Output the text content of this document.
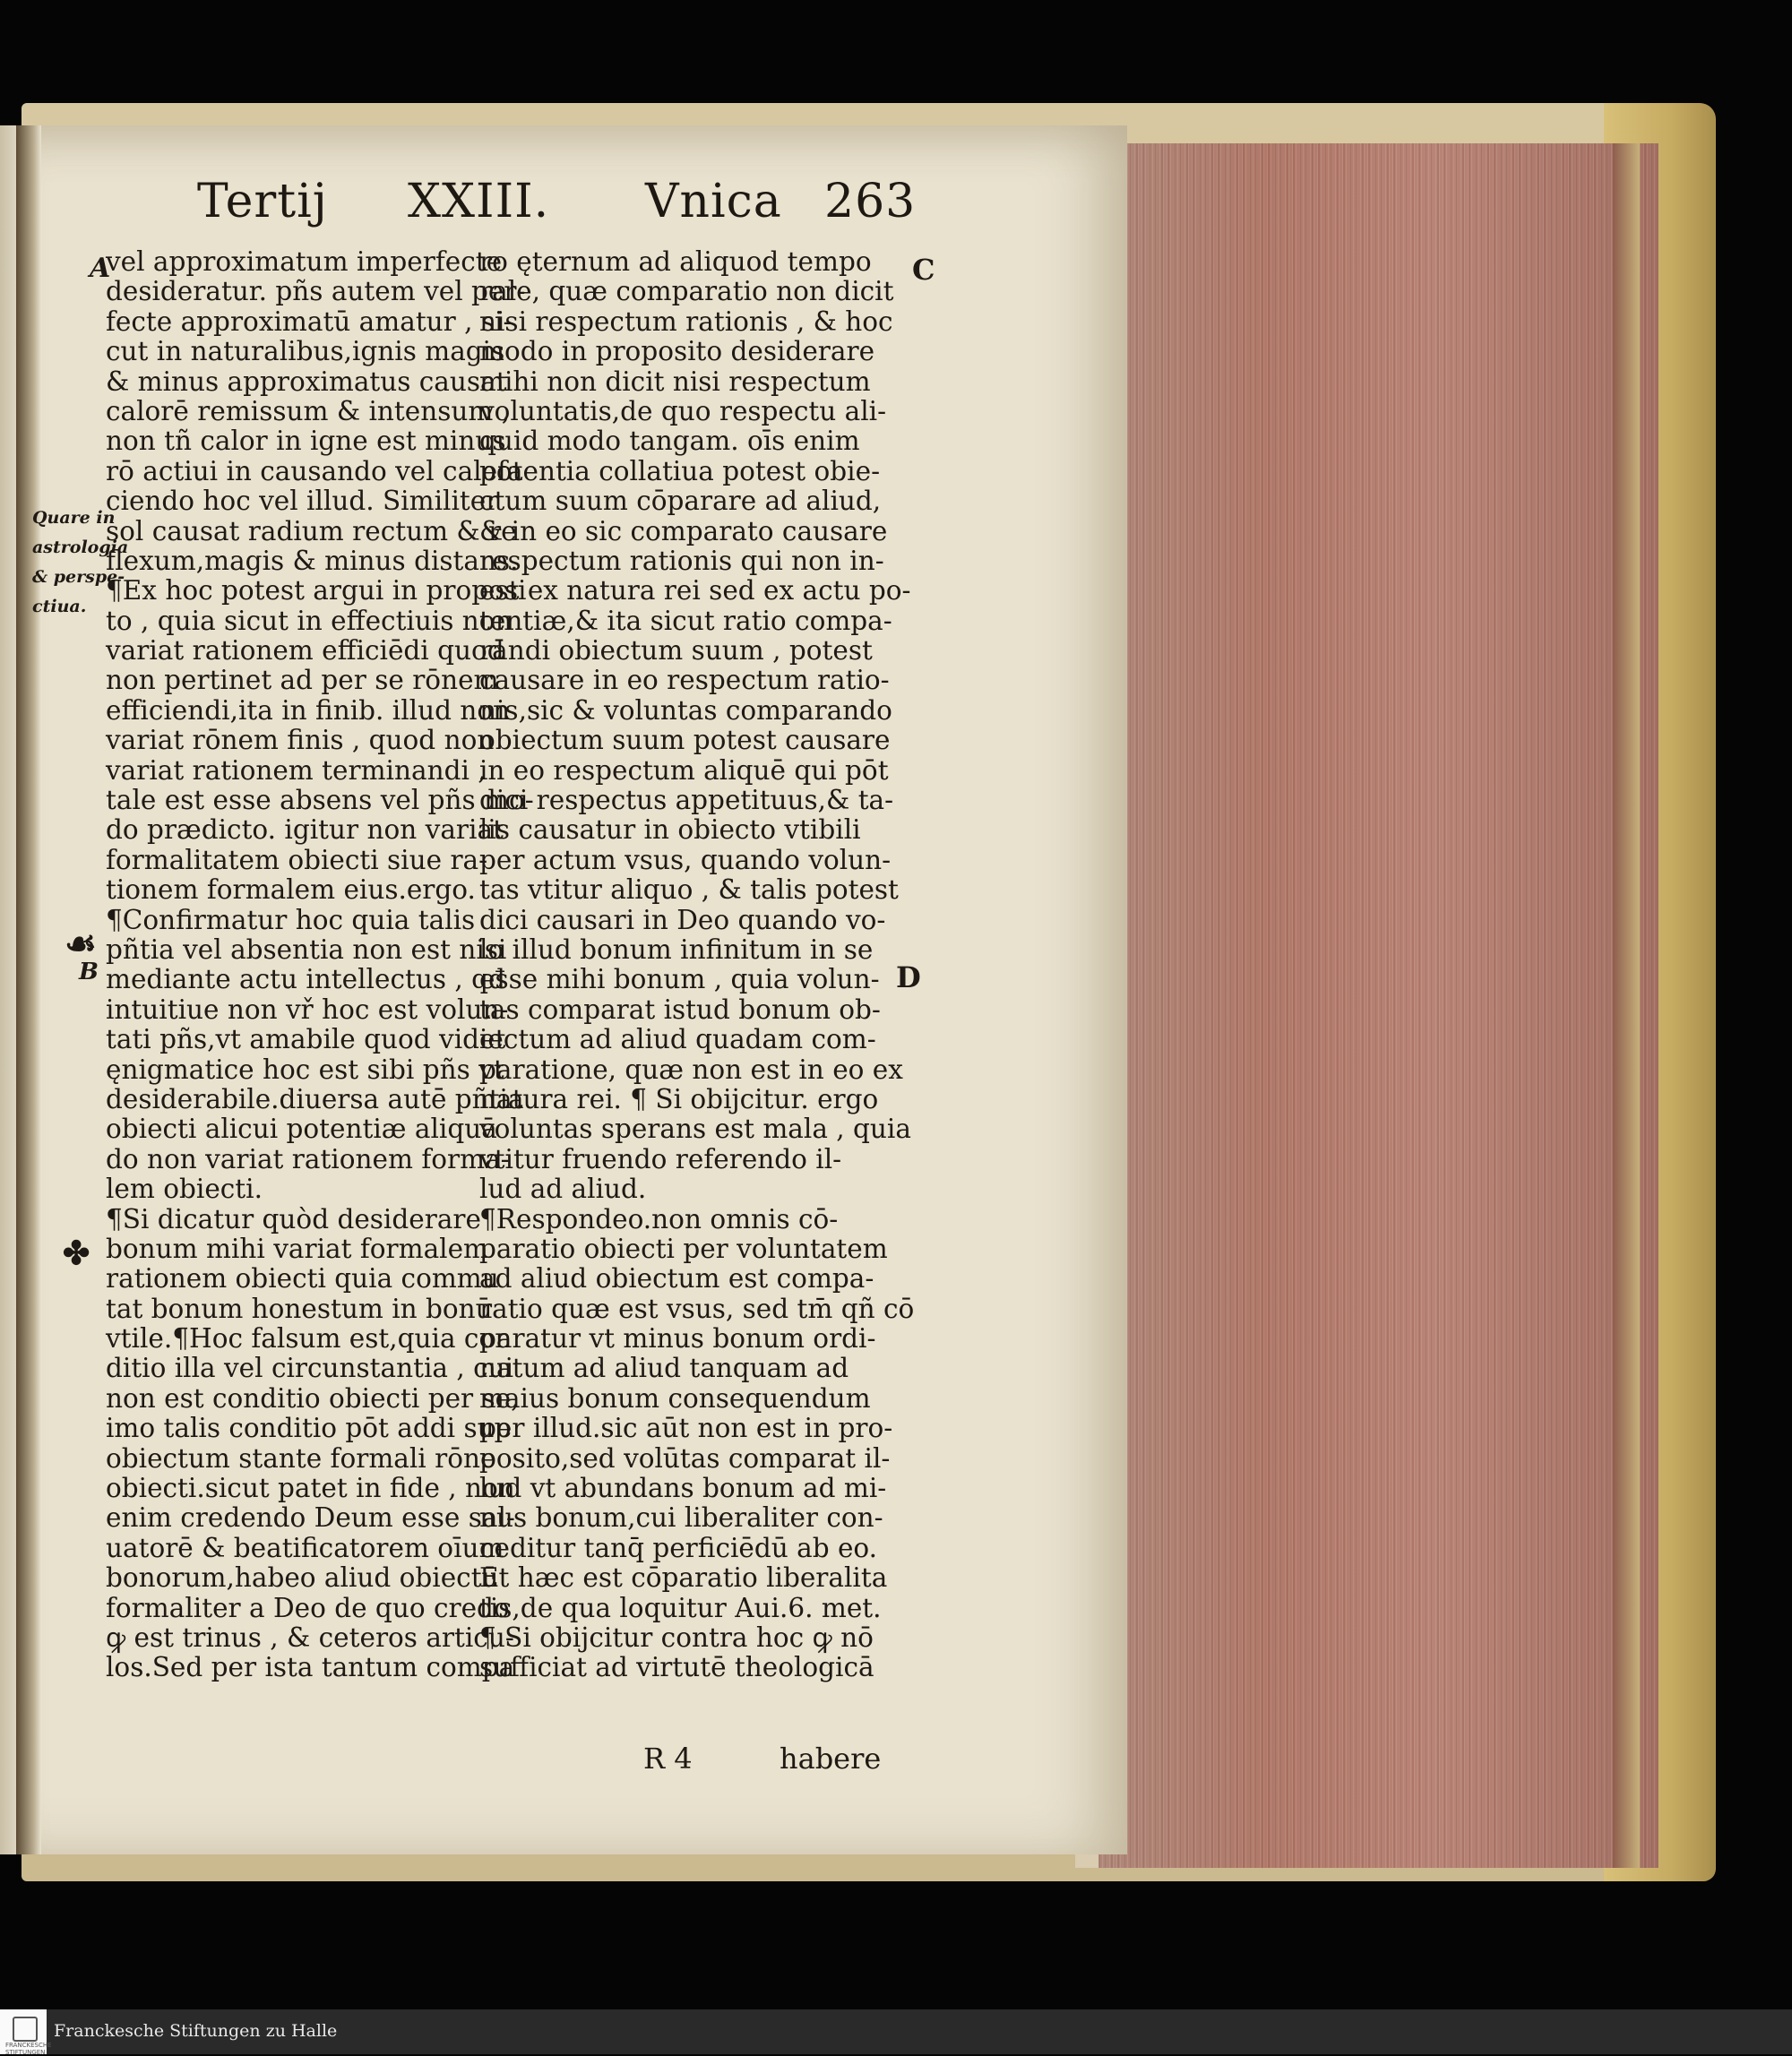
Tertij XXIII. Vnica 263
A
B
C
D
☙
✤
Quare in
astrologia
& perspe-
ctiua.
vel approximatum imperfecte
desideratur. pñs autem vel per-
fecte approximatū amatur , si-
cut in naturalibus,ignis magis
& minus approximatus causat
calorē remissum & intensum ,
non tñ calor in igne est minus
rō actiui in causando vel calefa
ciendo hoc vel illud. Similiter
sol causat radium rectum & re
flexum,magis & minus distans.
¶Ex hoc potest argui in proposi
to , quia sicut in effectiuis non
variat rationem efficiēdi quod
non pertinet ad per se rōnem
efficiendi,ita in finib. illud non
variat rōnem finis , quod non
variat rationem terminandi ,
tale est esse absens vel pñs mo-
do prædicto. igitur non variat
formalitatem obiecti siue ra-
tionem formalem eius.ergo.
¶Confirmatur hoc quia talis
pñtia vel absentia non est nisi
mediante actu intellectus , qđ
intuitiue non vř hoc est volun-
tati pñs,vt amabile quod videt
ęnigmatice hoc est sibi pñs vt
desiderabile.diuersa autē pñtia
obiecti alicui potentiæ aliquā
do non variat rationem forma-
lem obiecti.
¶Si dicatur quòd desiderare
bonum mihi variat formalem
rationem obiecti quia commu
tat bonum honestum in bonū
vtile.¶Hoc falsum est,quia con
ditio illa vel circunstantia , cui
non est conditio obiecti per se,
imo talis conditio pōt addi sup
obiectum stante formali rōne
obiecti.sicut patet in fide , non
enim credendo Deum esse sal-
uatorē & beatificatorem oīum
bonorum,habeo aliud obiectū
formaliter a Deo de quo credo
ꝙ est trinus , & ceteros articu-
los.Sed per ista tantum compa
ro ęternum ad aliquod tempo
rale, quæ comparatio non dicit
nisi respectum rationis , & hoc
modo in proposito desiderare
mihi non dicit nisi respectum
voluntatis,de quo respectu ali-
quid modo tangam. oīs enim
potentia collatiua potest obie-
ctum suum cōparare ad aliud,
& in eo sic comparato causare
respectum rationis qui non in-
est ex natura rei sed ex actu po-
tentiæ,& ita sicut ratio compa-
rāndi obiectum suum , potest
causare in eo respectum ratio-
nis,sic & voluntas comparando
obiectum suum potest causare
in eo respectum aliquē qui pōt
dici respectus appetituus,& ta-
lis causatur in obiecto vtibili
per actum vsus, quando volun-
tas vtitur aliquo , & talis potest
dici causari in Deo quando vo-
lo illud bonum infinitum in se
esse mihi bonum , quia volun-
tas comparat istud bonum ob-
iectum ad aliud quadam com-
paratione, quæ non est in eo ex
natura rei. ¶ Si obijcitur. ergo
voluntas sperans est mala , quia
vtitur fruendo referendo il-
lud ad aliud.
¶Respondeo.non omnis cō-
paratio obiecti per voluntatem
ad aliud obiectum est compa-
ratio quæ est vsus, sed tm̄ qñ cō
paratur vt minus bonum ordi-
natum ad aliud tanquam ad
maius bonum consequendum
per illud.sic aūt non est in pro-
posito,sed volūtas comparat il-
lud vt abundans bonum ad mi-
nus bonum,cui liberaliter con-
ceditur tanq̄ perficiēdū ab eo.
Et hæc est cōparatio liberalita
tis,de qua loquitur Aui.6. met.
¶ Si obijcitur contra hoc ꝙ nō
sufficiat ad virtutē theologicā
R 4	habere
FRANCKESCHE STIFTUNGEN
Franckesche Stiftungen zu Halle
